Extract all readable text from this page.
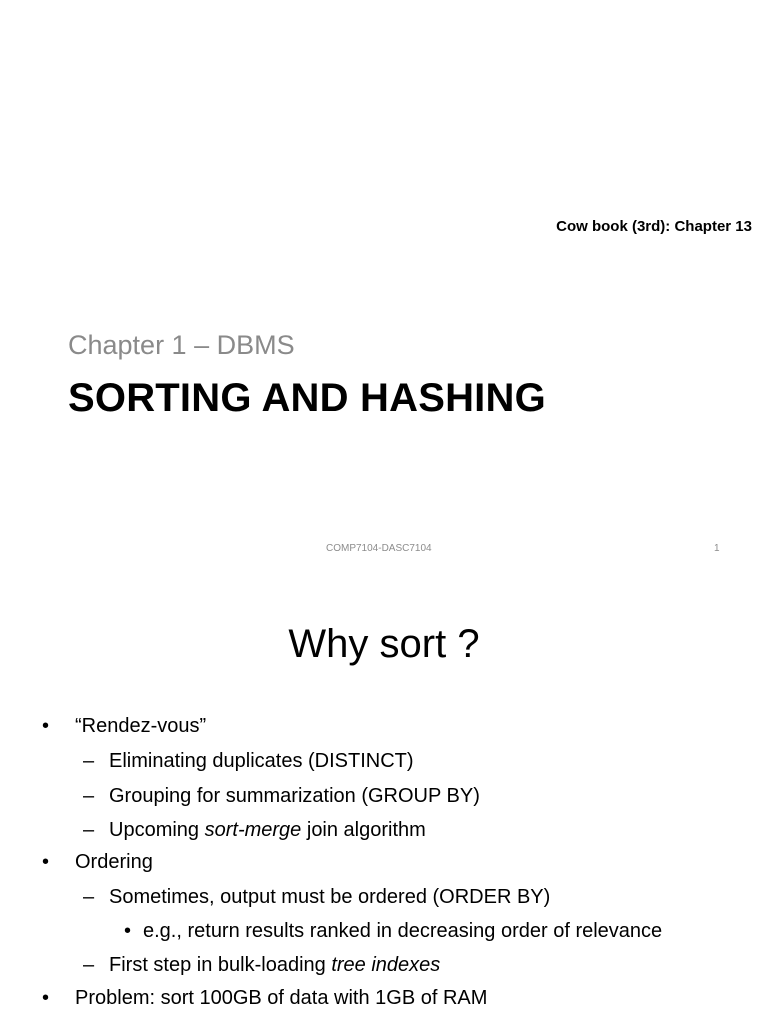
Cow book (3rd): Chapter 13
Chapter 1 – DBMS
SORTING AND HASHING
COMP7104-DASC7104	1
Why sort ?
• “Rendez-vous”
– Eliminating duplicates (DISTINCT)
– Grouping for summarization (GROUP BY)
– Upcoming sort-merge join algorithm
• Ordering
– Sometimes, output must be ordered (ORDER BY)
• e.g., return results ranked in decreasing order of relevance
– First step in bulk-loading tree indexes
• Problem: sort 100GB of data with 1GB of RAM
